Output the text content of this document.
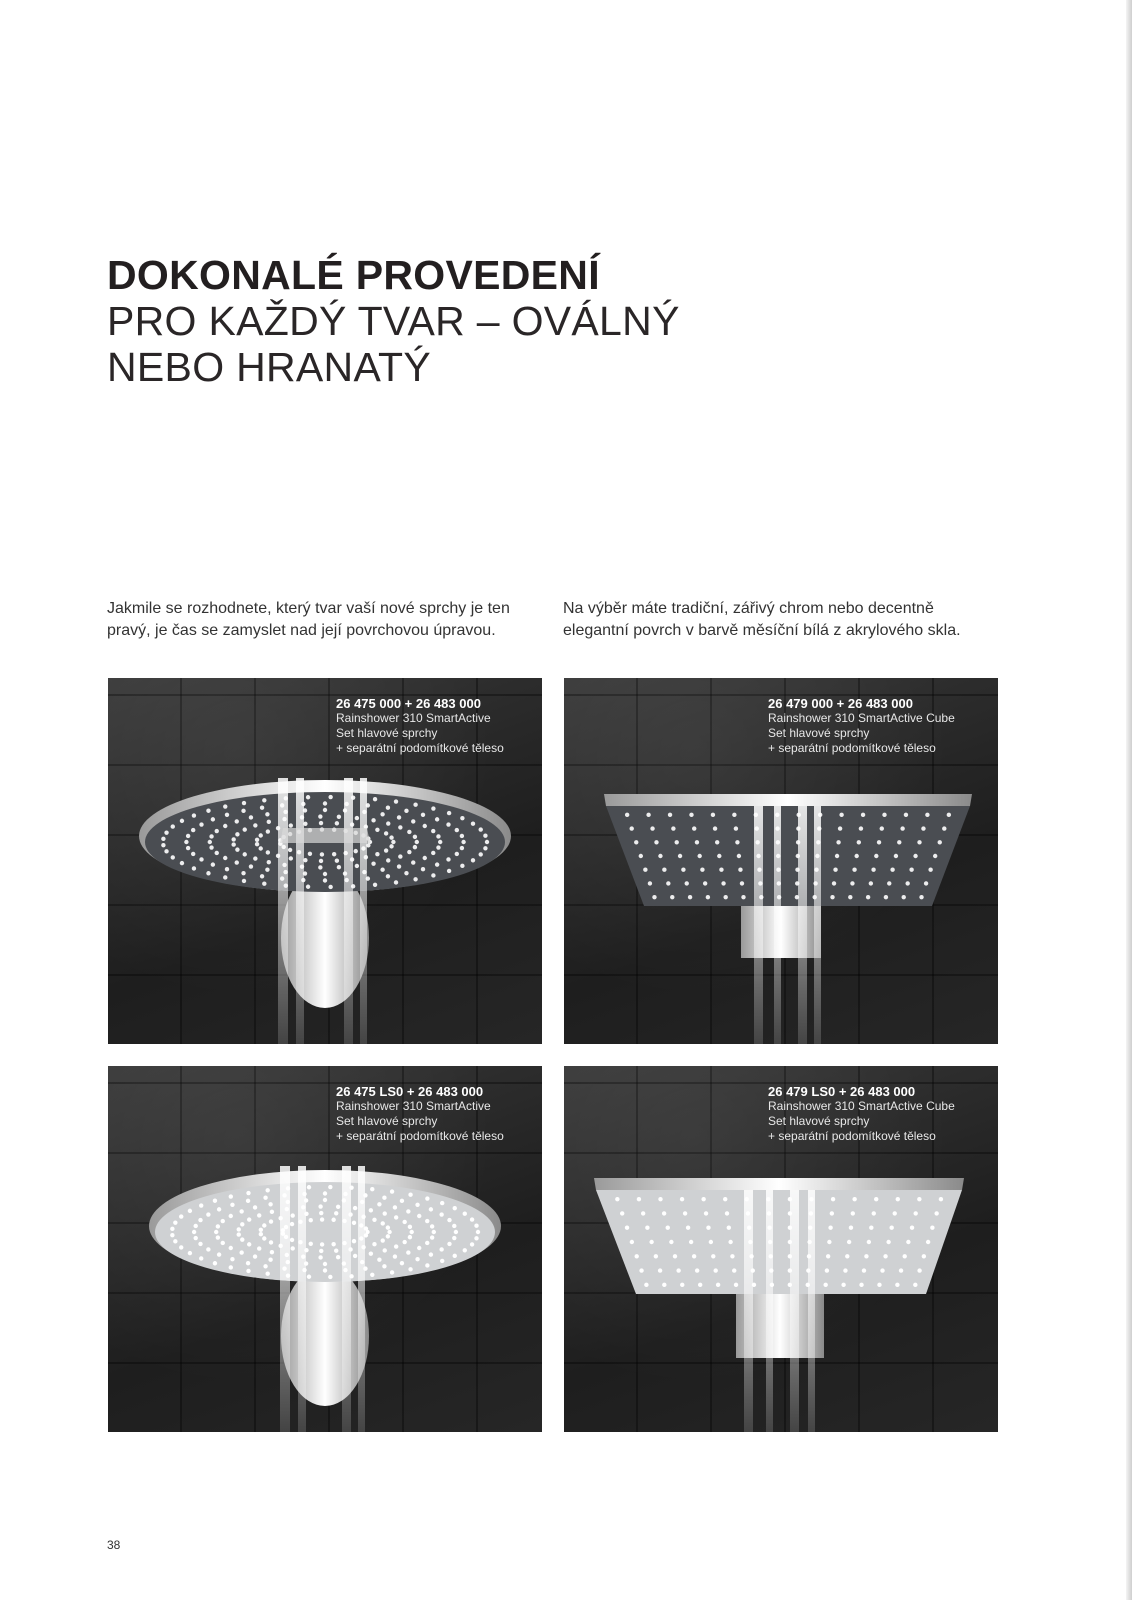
DOKONALÉ PROVEDENÍ
PRO KAŽDÝ TVAR – OVÁLNÝ
NEBO HRANATÝ

Jakmile se rozhodnete, který tvar vaší nové sprchy je ten pravý, je čas se zamyslet nad její povrchovou úpravou.

Na výběr máte tradiční, zářivý chrom nebo decentně elegantní povrch v barvě měsíční bílá z akrylového skla.

26 475 000 + 26 483 000
Rainshower 310 SmartActive
Set hlavové sprchy
+ separátní podomítkové těleso
26 479 000 + 26 483 000
Rainshower 310 SmartActive Cube
Set hlavové sprchy
+ separátní podomítkové těleso
26 475 LS0 + 26 483 000
Rainshower 310 SmartActive
Set hlavové sprchy
+ separátní podomítkové těleso
26 479 LS0 + 26 483 000
Rainshower 310 SmartActive Cube
Set hlavové sprchy
+ separátní podomítkové těleso
38
